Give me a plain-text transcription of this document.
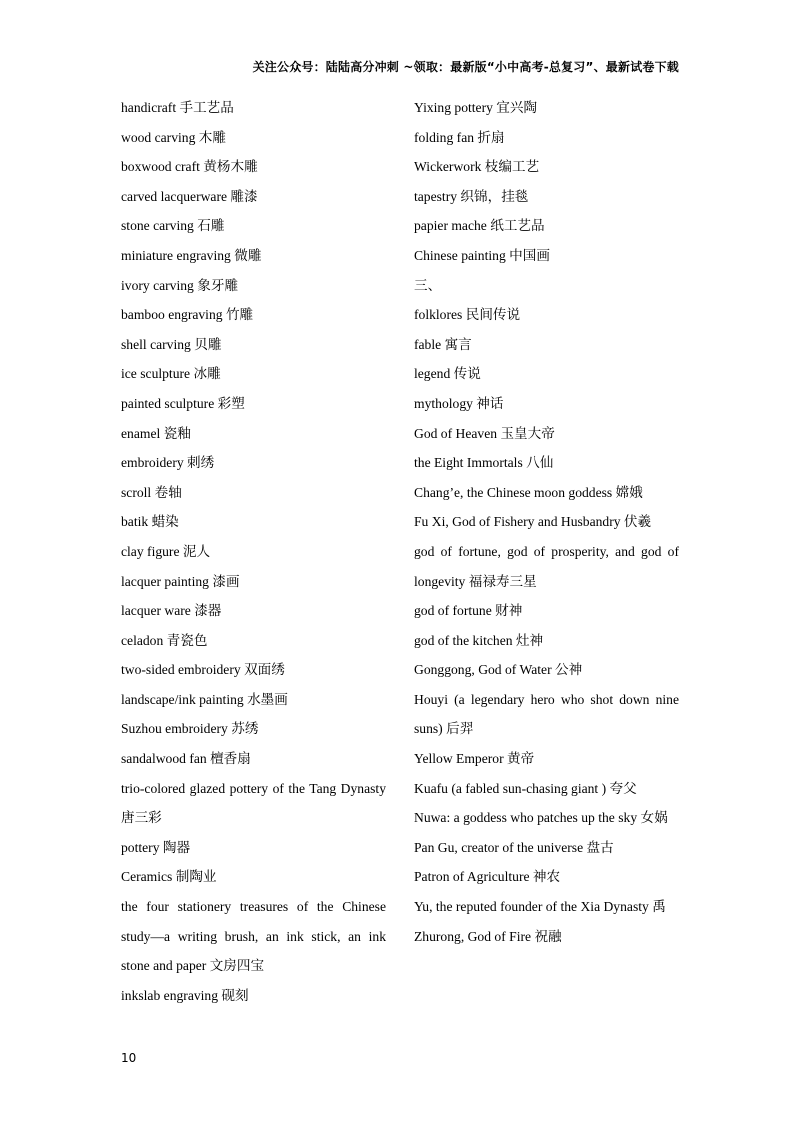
关注公众号：陆陆高分冲刺 ~领取：最新版“小中高考-总复习”、最新试卷下载
handicraft 手工艺品
wood carving 木雕
boxwood craft 黄杨木雕
carved lacquerware 雕漆
stone carving 石雕
miniature engraving 微雕
ivory carving 象牙雕
bamboo engraving 竹雕
shell carving 贝雕
ice sculpture 冰雕
painted sculpture 彩塑
enamel 瓷釉
embroidery 刺绣
scroll 卷轴
batik 蜡染
clay figure 泥人
lacquer painting 漆画
lacquer ware 漆器
celadon 青瓷色
two-sided embroidery 双面绣
landscape/ink painting 水墨画
Suzhou embroidery 苏绣
sandalwood fan 檀香扇
trio-colored glazed pottery of the Tang Dynasty 唐三彩
pottery 陶器
Ceramics 制陶业
the four stationery treasures of the Chinese study—a writing brush, an ink stick, an ink stone and paper 文房四宝
inkslab engraving 砚刻
Yixing pottery 宜兴陶
folding fan 折扇
Wickerwork 枝编工艺
tapestry 织锦，挂毯
papier mache 纸工艺品
Chinese painting 中国画
三、
folklores 民间传说
fable 寓言
legend 传说
mythology 神话
God of Heaven 玉皇大帝
the Eight Immortals 八仙
Chang’e, the Chinese moon goddess 嫦娥
Fu Xi, God of Fishery and Husbandry 伏羲
god of fortune, god of prosperity, and god of longevity 福禄寿三星
god of fortune 财神
god of the kitchen 灶神
Gonggong, God of Water 公神
Houyi (a legendary hero who shot down nine suns) 后羿
Yellow Emperor 黄帝
Kuafu (a fabled sun-chasing giant ) 夸父
Nuwa: a goddess who patches up the sky 女娲
Pan Gu, creator of the universe 盘古
Patron of Agriculture 神农
Yu, the reputed founder of the Xia Dynasty 禹
Zhurong, God of Fire 祝融
10
